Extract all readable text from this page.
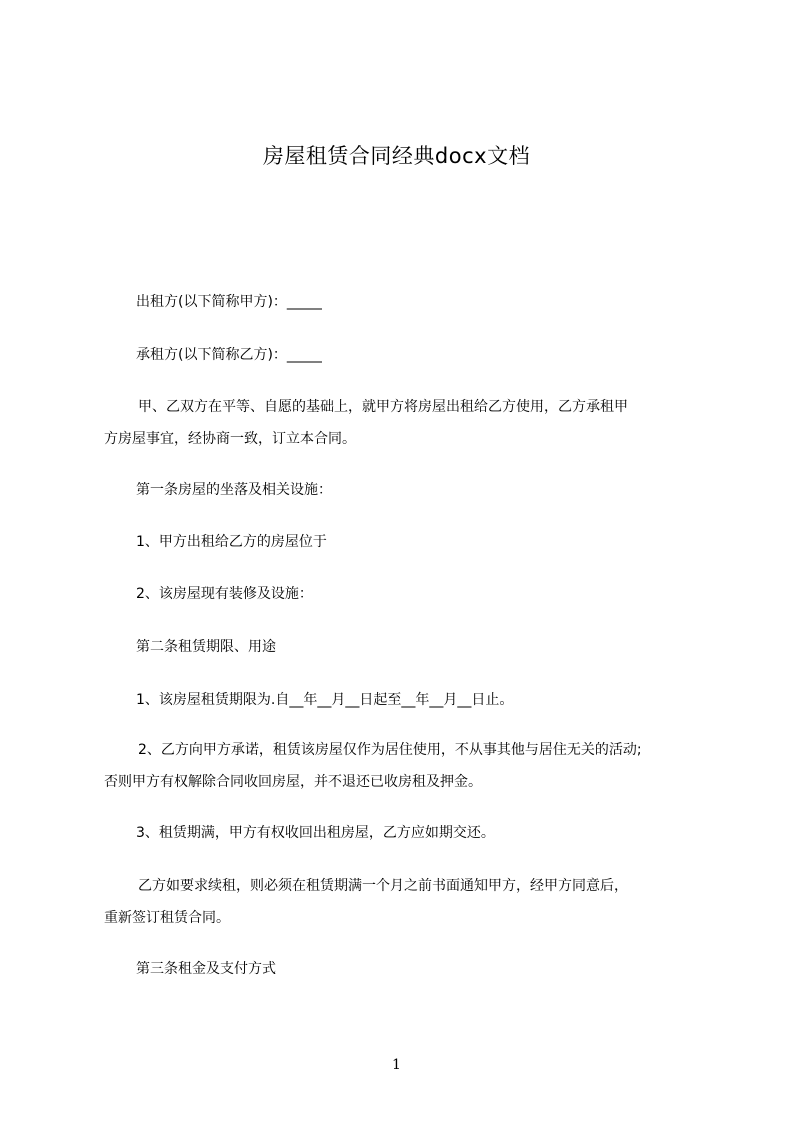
房屋租赁合同经典docx文档
出租方(以下简称甲方)：_____
承租方(以下简称乙方)：_____
甲、乙双方在平等、自愿的基础上，就甲方将房屋出租给乙方使用，乙方承租甲
方房屋事宜，经协商一致，订立本合同。
第一条房屋的坐落及相关设施：
1、甲方出租给乙方的房屋位于
2、该房屋现有装修及设施：
第二条租赁期限、用途
1、该房屋租赁期限为.自__年__月__日起至__年__月__日止。
2、乙方向甲方承诺，租赁该房屋仅作为居住使用，不从事其他与居住无关的活动;
否则甲方有权解除合同收回房屋，并不退还已收房租及押金。
3、租赁期满，甲方有权收回出租房屋，乙方应如期交还。
乙方如要求续租，则必须在租赁期满一个月之前书面通知甲方，经甲方同意后，
重新签订租赁合同。
第三条租金及支付方式
1
